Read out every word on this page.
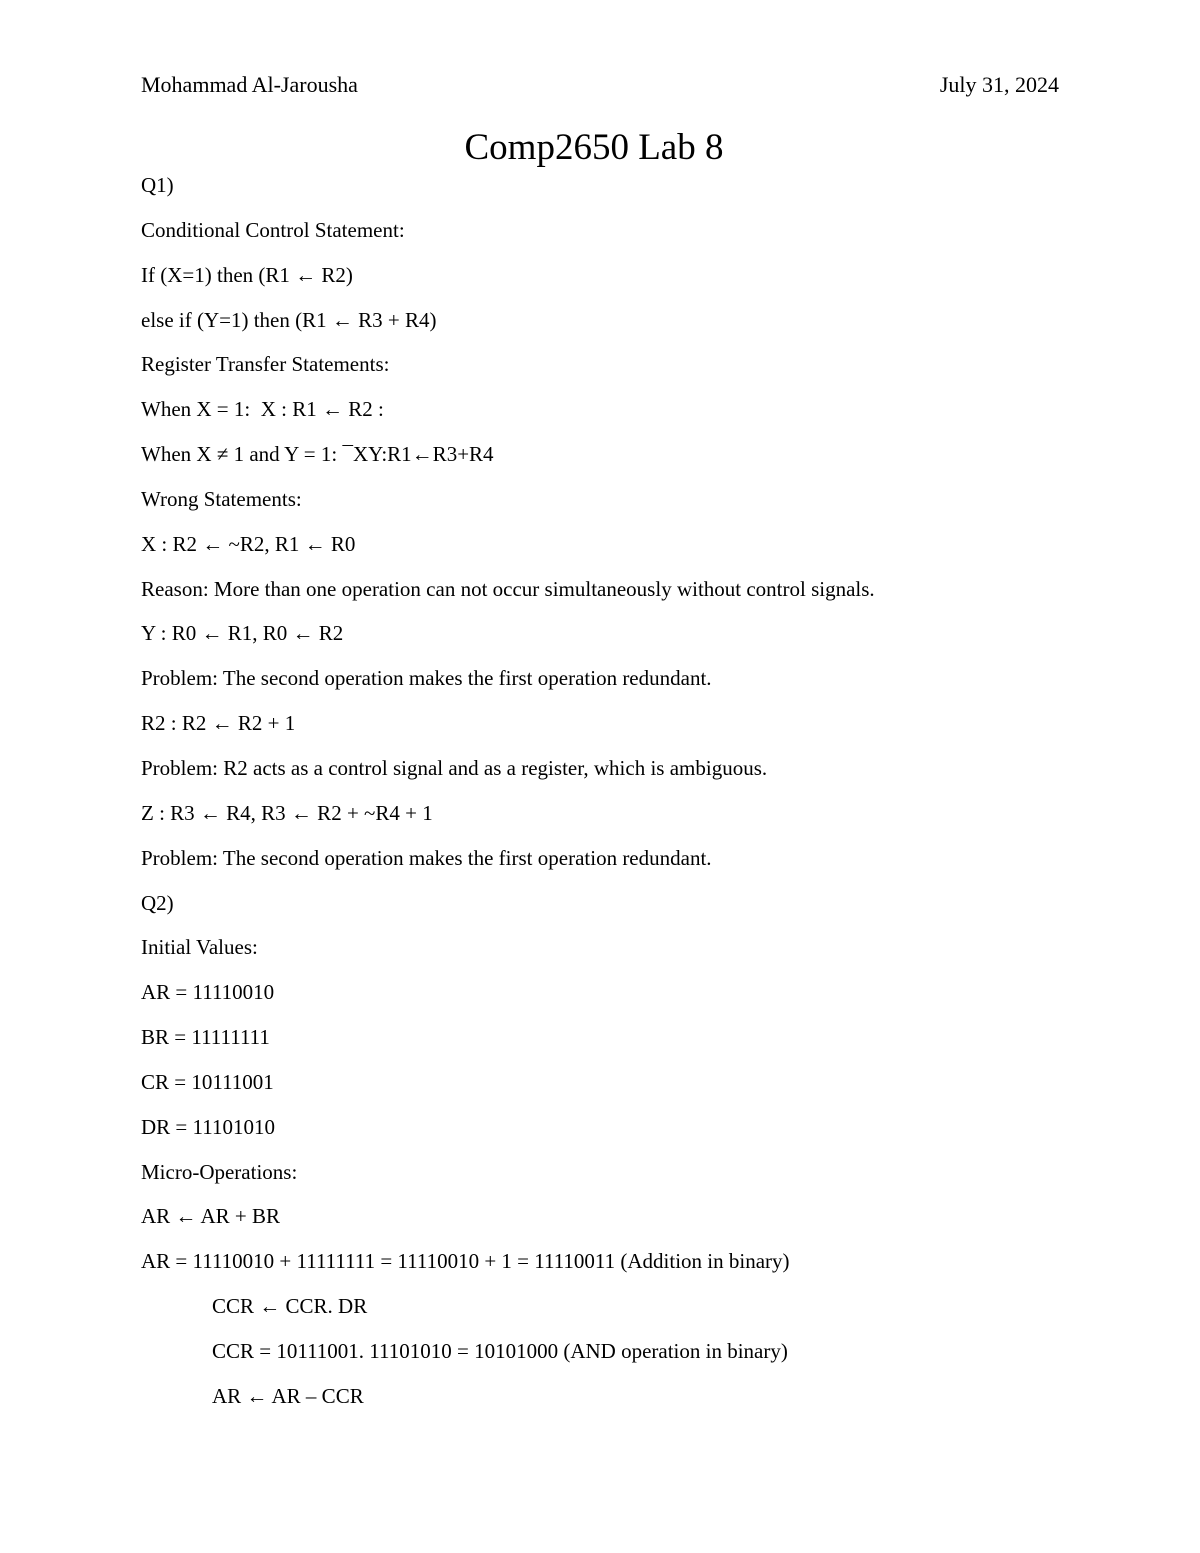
Mohammad Al-Jarousha	July 31, 2024
Comp2650 Lab 8
Q1)
Conditional Control Statement:
If (X=1) then (R1 ← R2)
else if (Y=1) then (R1 ← R3 + R4)
Register Transfer Statements:
When X = 1:  X : R1 ← R2 :
When X ≠ 1 and Y = 1: ¯XY:R1←R3+R4
Wrong Statements:
X : R2 ← ~R2, R1 ← R0
Reason: More than one operation can not occur simultaneously without control signals.
Y : R0 ← R1, R0 ← R2
Problem: The second operation makes the first operation redundant.
R2 : R2 ← R2 + 1
Problem: R2 acts as a control signal and as a register, which is ambiguous.
Z : R3 ← R4, R3 ← R2 + ~R4 + 1
Problem: The second operation makes the first operation redundant.
Q2)
Initial Values:
AR = 11110010
BR = 11111111
CR = 10111001
DR = 11101010
Micro-Operations:
AR ← AR + BR
AR = 11110010 + 11111111 = 11110010 + 1 = 11110011 (Addition in binary)
CCR ← CCR. DR
CCR = 10111001. 11101010 = 10101000 (AND operation in binary)
AR ← AR – CCR
